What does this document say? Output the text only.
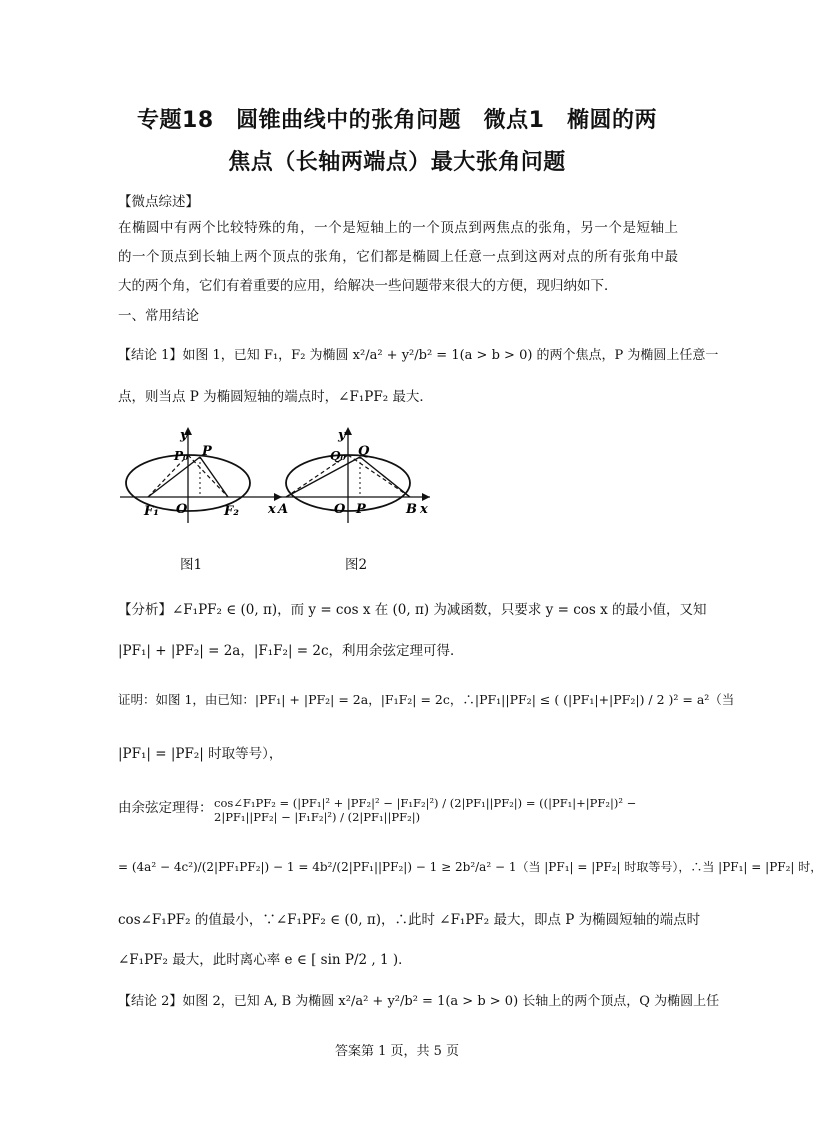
专题18　圆锥曲线中的张角问题　微点1　椭圆的两
焦点（长轴两端点）最大张角问题
【微点综述】
在椭圆中有两个比较特殊的角，一个是短轴上的一个顶点到两焦点的张角，另一个是短轴上
的一个顶点到长轴上两个顶点的张角，它们都是椭圆上任意一点到这两对点的所有张角中最
大的两个角，它们有着重要的应用，给解决一些问题带来很大的方便，现归纳如下．
一、常用结论
【结论 1】如图 1，已知 F₁，F₂ 为椭圆 x²/a² + y²/b² = 1(a > b > 0) 的两个焦点，P 为椭圆上任意一
点，则当点 P 为椭圆短轴的端点时，∠F₁PF₂ 最大．
y
P₀ P
F₁ O	F₂ x
y
Q₀ Q
A	O P	B x
图1	图2
【分析】∠F₁PF₂ ∈ (0, π)，而 y = cos x 在 (0, π) 为减函数，只要求 y = cos x 的最小值，又知
|PF₁| + |PF₂| = 2a，|F₁F₂| = 2c，利用余弦定理可得．
证明：如图 1，由已知：|PF₁| + |PF₂| = 2a，|F₁F₂| = 2c，∴|PF₁||PF₂| ≤ ( (|PF₁|+|PF₂|) / 2 )² = a²（当
|PF₁| = |PF₂| 时取等号），
由余弦定理得： cos∠F₁PF₂ = (|PF₁|² + |PF₂|² − |F₁F₂|²) / (2|PF₁||PF₂|) = ((|PF₁|+|PF₂|)² − 2|PF₁||PF₂| − |F₁F₂|²) / (2|PF₁||PF₂|)
= (4a² − 4c²)/(2|PF₁PF₂|) − 1 = 4b²/(2|PF₁||PF₂|) − 1 ≥ 2b²/a² − 1（当 |PF₁| = |PF₂| 时取等号），∴当 |PF₁| = |PF₂| 时，
cos∠F₁PF₂ 的值最小，∵∠F₁PF₂ ∈ (0, π)，∴此时 ∠F₁PF₂ 最大，即点 P 为椭圆短轴的端点时
∠F₁PF₂ 最大，此时离心率 e ∈ [ sin P/2 , 1 )．
【结论 2】如图 2，已知 A, B 为椭圆 x²/a² + y²/b² = 1(a > b > 0) 长轴上的两个顶点，Q 为椭圆上任
答案第 1 页，共 5 页
